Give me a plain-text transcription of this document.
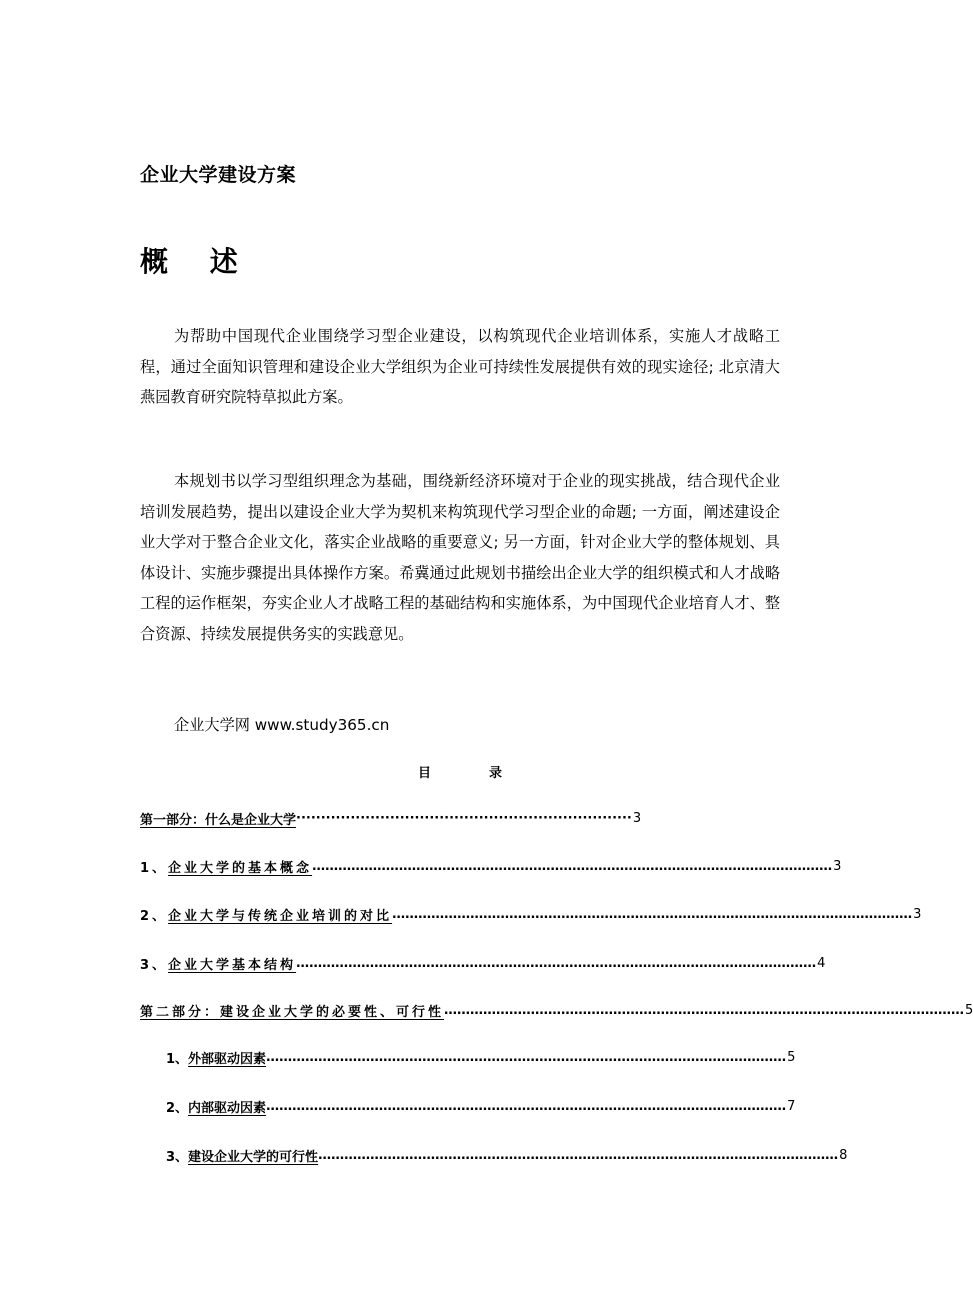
企业大学建设方案
概 述

为帮助中国现代企业围绕学习型企业建设，以构筑现代企业培训体系，实施人才战略工程，通过全面知识管理和建设企业大学组织为企业可持续性发展提供有效的现实途径; 北京清大燕园教育研究院特草拟此方案。

本规划书以学习型组织理念为基础，围绕新经济环境对于企业的现实挑战，结合现代企业培训发展趋势，提出以建设企业大学为契机来构筑现代学习型企业的命题; 一方面，阐述建设企业大学对于整合企业文化，落实企业战略的重要意义; 另一方面，针对企业大学的整体规划、具体设计、实施步骤提出具体操作方案。希冀通过此规划书描绘出企业大学的组织模式和人才战略工程的运作框架，夯实企业人才战略工程的基础结构和实施体系，为中国现代企业培育人才、整合资源、持续发展提供务实的实践意见。

企业大学网 www.study365.cn
目	录
第一部分：什么是企业大学 ···································································· 3
1、 企业大学的基本概念 ………………………………………………………………………………………………………… 3
2、 企业大学与传统企业培训的对比 ………………………………………………………………………………………………………… 3
3、 企业大学基本结构 ………………………………………………………………………………………………………… 4
第二部分：建设企业大学的必要性、可行性 ………………………………………………………………………………………………………… 5
1、 外部驱动因素 ………………………………………………………………………………………………………… 5
2、 内部驱动因素 ………………………………………………………………………………………………………… 7
3、 建设企业大学的可行性 ………………………………………………………………………………………………………… 8
